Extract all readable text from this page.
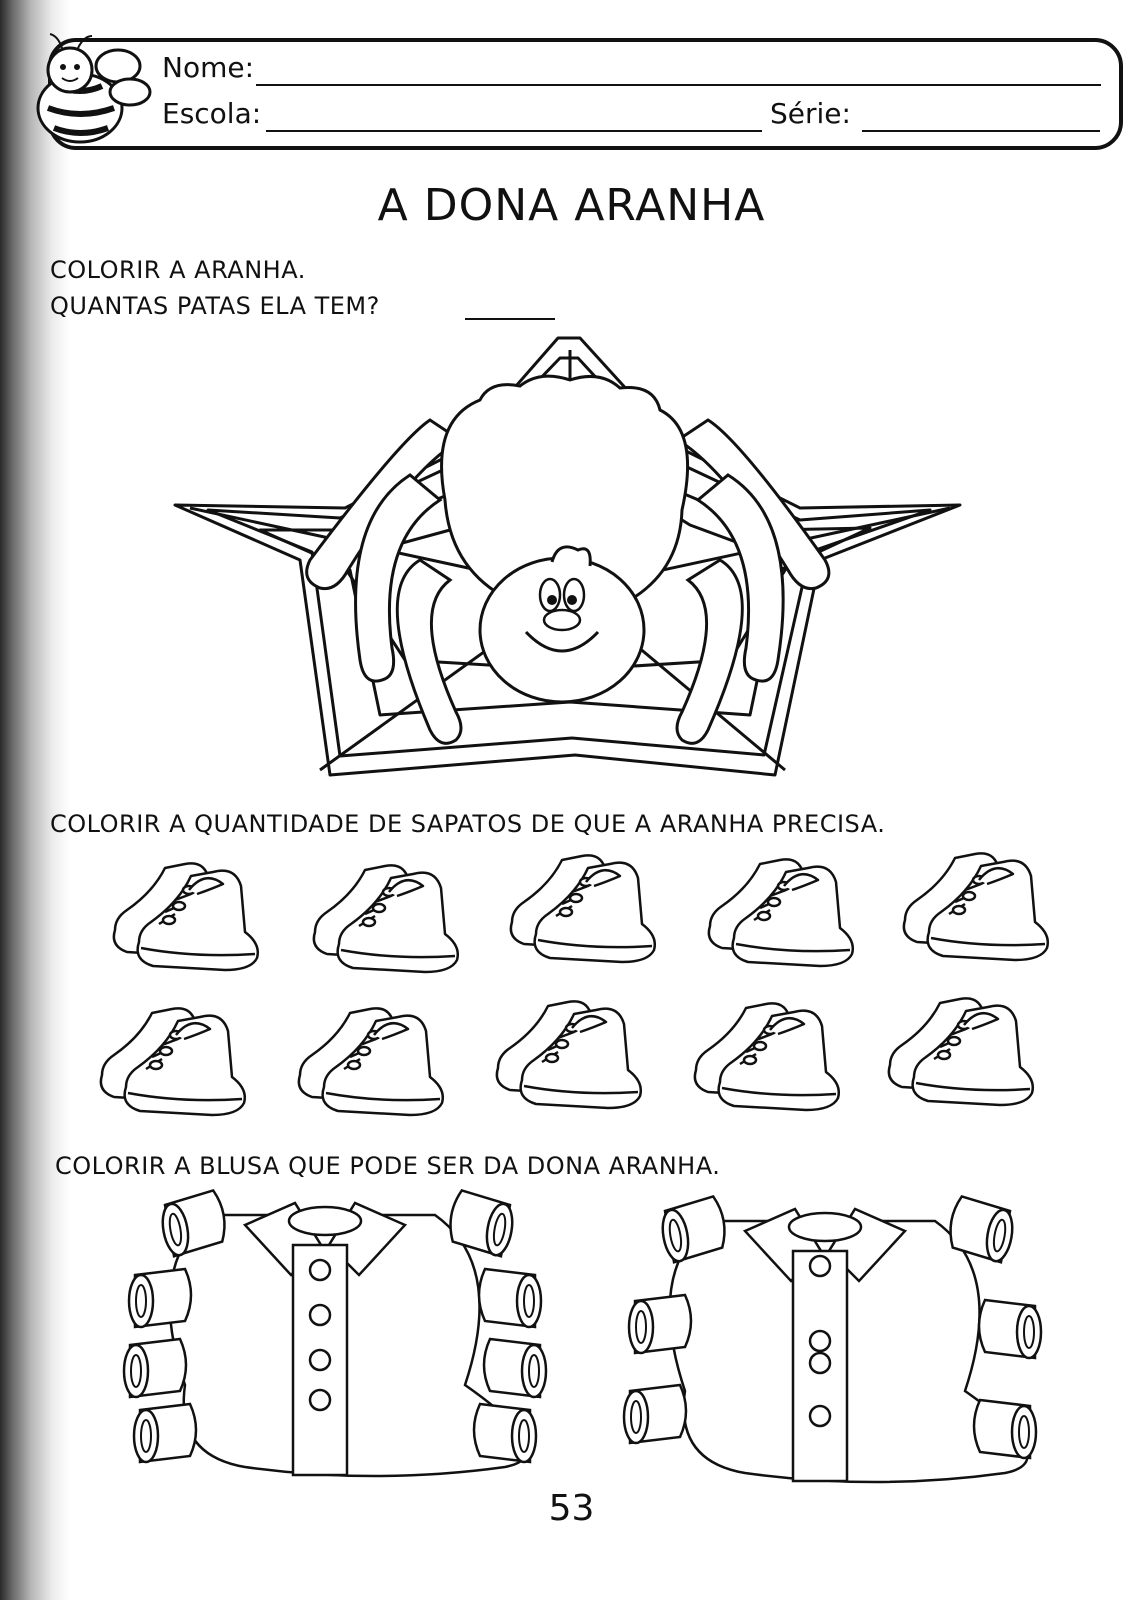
Nome:
Escola:	Série:
A DONA ARANHA
COLORIR A ARANHA.
QUANTAS PATAS ELA TEM?
COLORIR A QUANTIDADE DE SAPATOS DE QUE A ARANHA PRECISA.
COLORIR A BLUSA QUE PODE SER DA DONA ARANHA.
53
